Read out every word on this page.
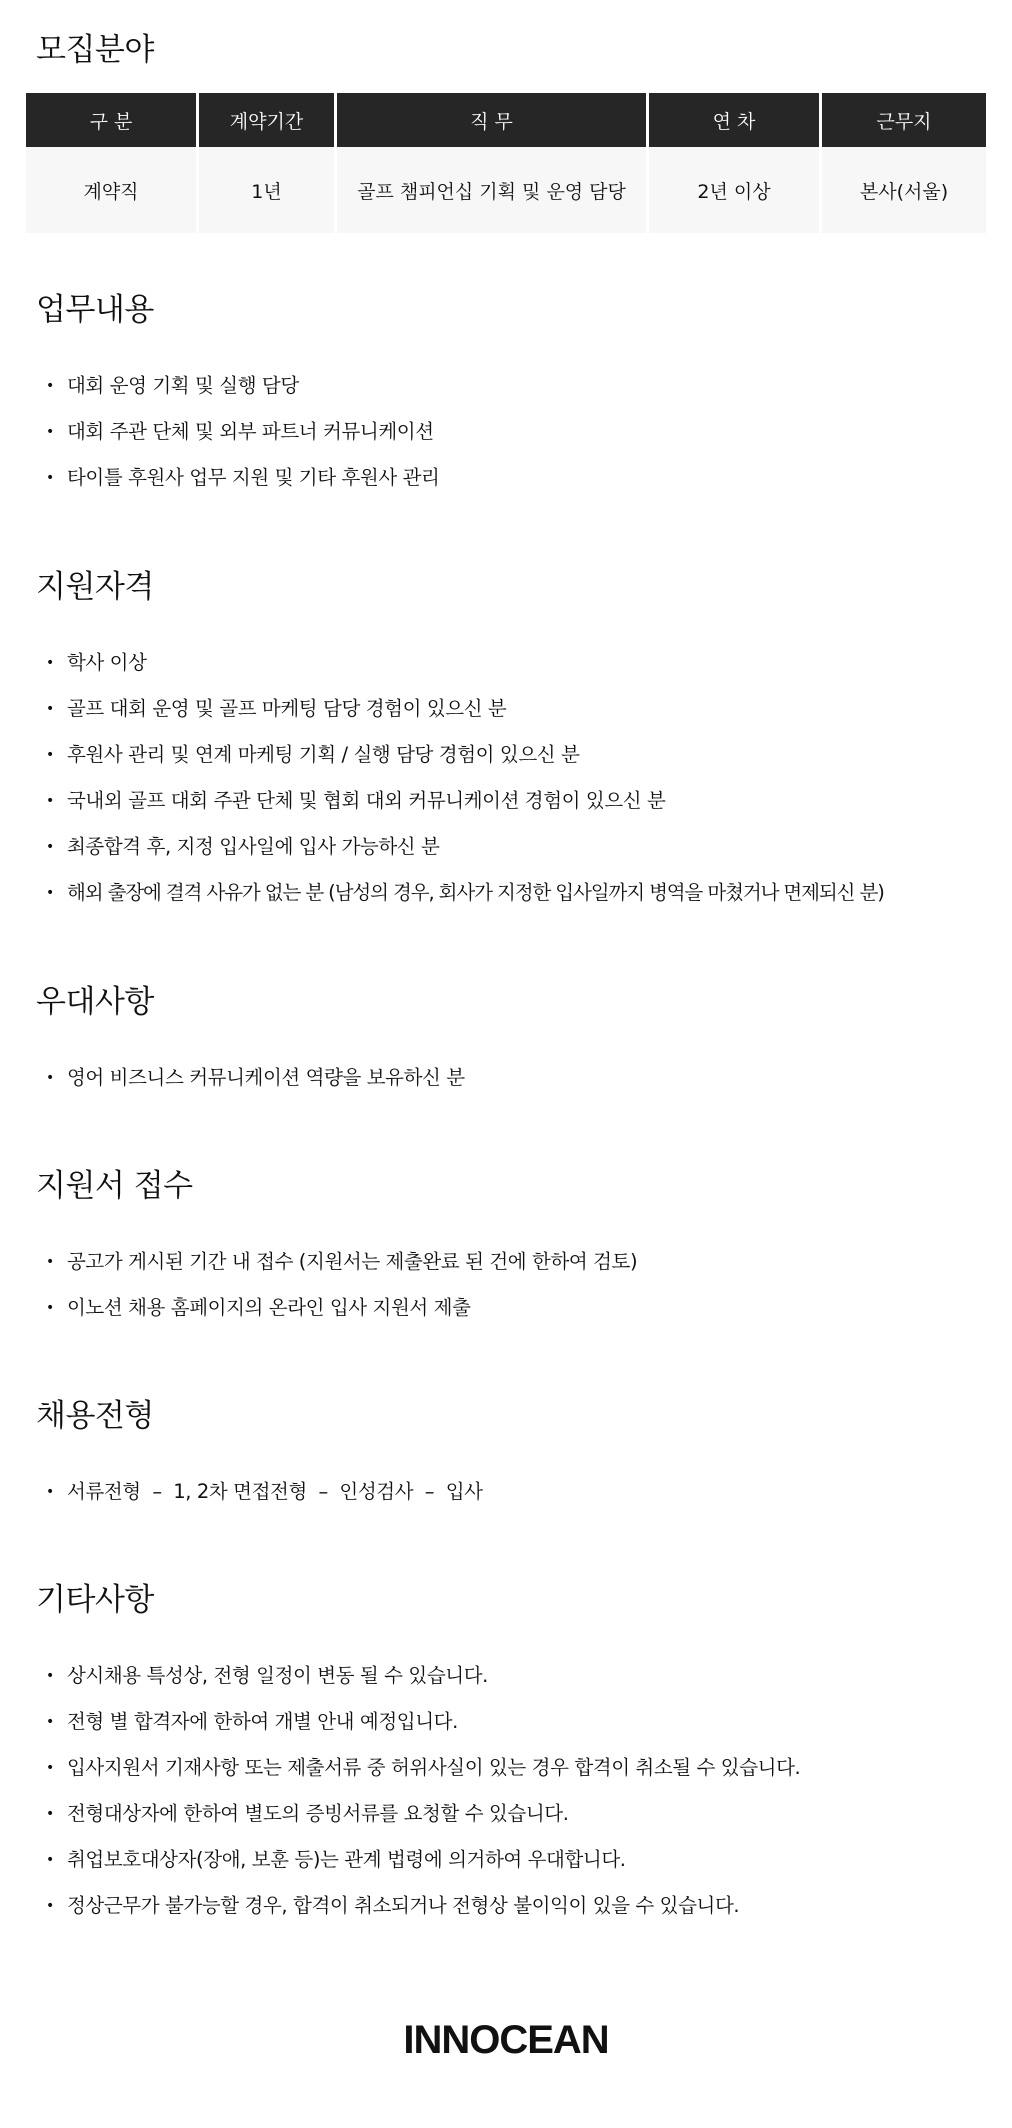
모집분야
구 분	계약기간	직 무	연 차	근무지
계약직	1년	골프 챔피언십 기획 및 운영 담당	2년 이상	본사(서울)
업무내용
• 대회 운영 기획 및 실행 담당
• 대회 주관 단체 및 외부 파트너 커뮤니케이션
• 타이틀 후원사 업무 지원 및 기타 후원사 관리
지원자격
• 학사 이상
• 골프 대회 운영 및 골프 마케팅 담당 경험이 있으신 분
• 후원사 관리 및 연계 마케팅 기획 / 실행 담당 경험이 있으신 분
• 국내외 골프 대회 주관 단체 및 협회 대외 커뮤니케이션 경험이 있으신 분
• 최종합격 후, 지정 입사일에 입사 가능하신 분
• 해외 출장에 결격 사유가 없는 분 (남성의 경우, 회사가 지정한 입사일까지 병역을 마쳤거나 면제되신 분)
우대사항
• 영어 비즈니스 커뮤니케이션 역량을 보유하신 분
지원서 접수
• 공고가 게시된 기간 내 접수 (지원서는 제출완료 된 건에 한하여 검토)
• 이노션 채용 홈페이지의 온라인 입사 지원서 제출
채용전형
• 서류전형  –  1, 2차 면접전형  –  인성검사  –  입사
기타사항
• 상시채용 특성상, 전형 일정이 변동 될 수 있습니다.
• 전형 별 합격자에 한하여 개별 안내 예정입니다.
• 입사지원서 기재사항 또는 제출서류 중 허위사실이 있는 경우 합격이 취소될 수 있습니다.
• 전형대상자에 한하여 별도의 증빙서류를 요청할 수 있습니다.
• 취업보호대상자(장애, 보훈 등)는 관계 법령에 의거하여 우대합니다.
• 정상근무가 불가능할 경우, 합격이 취소되거나 전형상 불이익이 있을 수 있습니다.
INNOCEAN
